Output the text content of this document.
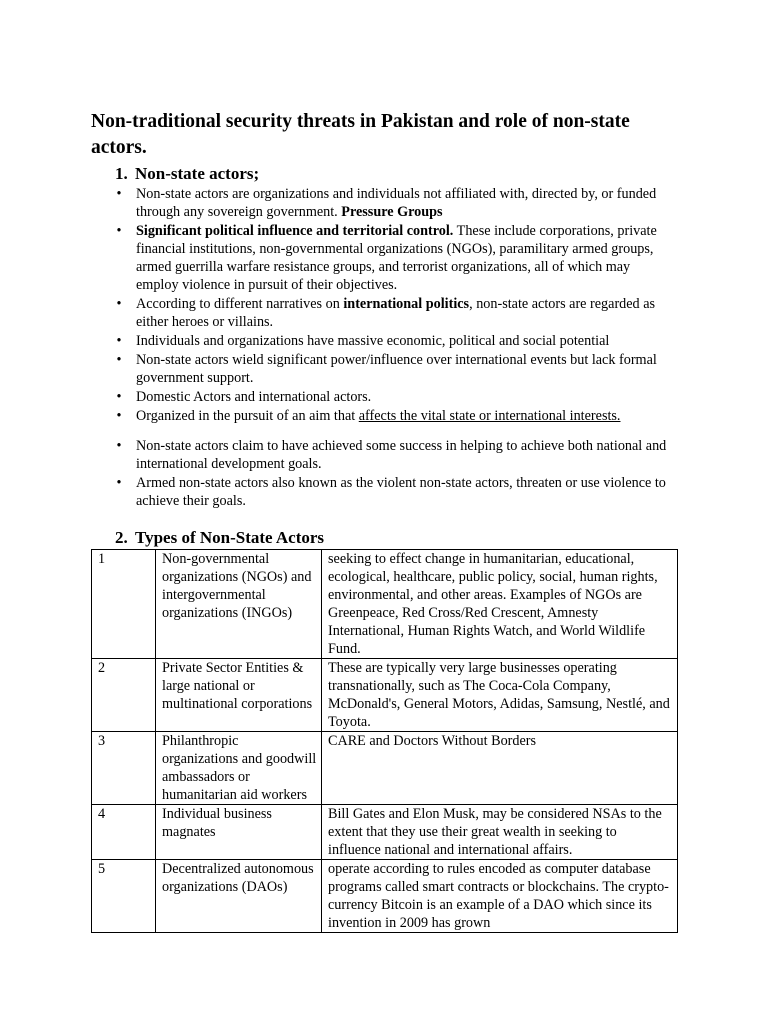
Non-traditional security threats in Pakistan and role of non-state actors.
1. Non-state actors;
• Non-state actors are organizations and individuals not affiliated with, directed by, or funded through any sovereign government. Pressure Groups
• Significant political influence and territorial control. These include corporations, private financial institutions, non-governmental organizations (NGOs), paramilitary armed groups, armed guerrilla warfare resistance groups, and terrorist organizations, all of which may employ violence in pursuit of their objectives.
• According to different narratives on international politics, non-state actors are regarded as either heroes or villains.
• Individuals and organizations have massive economic, political and social potential
• Non-state actors wield significant power/influence over international events but lack formal government support.
• Domestic Actors and international actors.
• Organized in the pursuit of an aim that affects the vital state or international interests.
• Non-state actors claim to have achieved some success in helping to achieve both national and international development goals.
• Armed non-state actors also known as the violent non-state actors, threaten or use violence to achieve their goals.
2. Types of Non-State Actors
1	Non-governmental organizations (NGOs) and intergovernmental organizations (INGOs)	seeking to effect change in humanitarian, educational, ecological, healthcare, public policy, social, human rights, environmental, and other areas. Examples of NGOs are Greenpeace, Red Cross/Red Crescent, Amnesty International, Human Rights Watch, and World Wildlife Fund.
2	Private Sector Entities & large national or multinational corporations	These are typically very large businesses operating transnationally, such as The Coca-Cola Company, McDonald's, General Motors, Adidas, Samsung, Nestlé, and Toyota.
3	Philanthropic organizations and goodwill ambassadors or humanitarian aid workers	CARE and Doctors Without Borders
4	Individual business magnates	Bill Gates and Elon Musk, may be considered NSAs to the extent that they use their great wealth in seeking to influence national and international affairs.
5	Decentralized autonomous organizations (DAOs)	operate according to rules encoded as computer database programs called smart contracts or blockchains. The crypto-currency Bitcoin is an example of a DAO which since its invention in 2009 has grown
